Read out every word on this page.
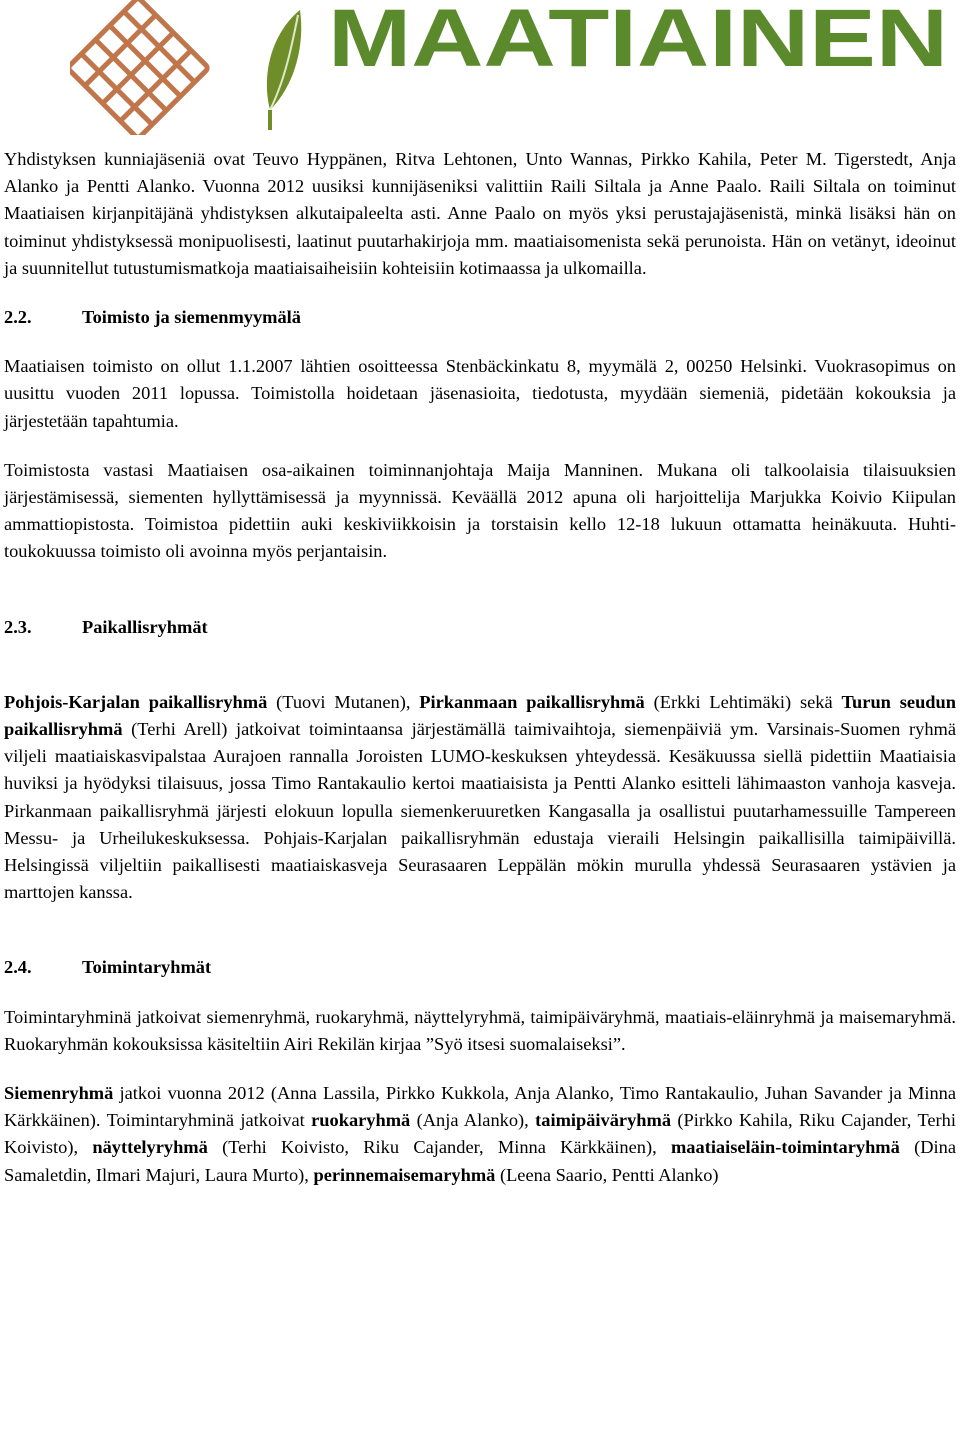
MAATIAINEN

Yhdistyksen kunniajäseniä ovat Teuvo Hyppänen, Ritva Lehtonen, Unto Wannas, Pirkko Kahila, Peter M. Tigerstedt, Anja Alanko ja Pentti Alanko. Vuonna 2012 uusiksi kunnijäseniksi valittiin Raili Siltala ja Anne Paalo. Raili Siltala on toiminut Maatiaisen kirjanpitäjänä yhdistyksen alkutaipaleelta asti. Anne Paalo on myös yksi perustajajäsenistä, minkä lisäksi hän on toiminut yhdistyksessä monipuolisesti, laatinut puutarhakirjoja mm. maatiaisomenista sekä perunoista. Hän on vetänyt, ideoinut ja suunnitellut tutustumismatkoja maatiaisaiheisiin kohteisiin kotimaassa ja ulkomailla.

2.2.	Toimisto ja siemenmyymälä

Maatiaisen toimisto on ollut 1.1.2007 lähtien osoitteessa Stenbäckinkatu 8, myymälä 2, 00250 Helsinki. Vuokrasopimus on uusittu vuoden 2011 lopussa. Toimistolla hoidetaan jäsenasioita, tiedotusta, myydään siemeniä, pidetään kokouksia ja järjestetään tapahtumia.

Toimistosta vastasi Maatiaisen osa-aikainen toiminnanjohtaja Maija Manninen. Mukana oli talkoolaisia tilaisuuksien järjestämisessä, siementen hyllyttämisessä ja myynnissä. Keväällä 2012 apuna oli harjoittelija Marjukka Koivio Kiipulan ammattiopistosta. Toimistoa pidettiin auki keskiviikkoisin ja torstaisin kello 12-18 lukuun ottamatta heinäkuuta. Huhti-toukokuussa toimisto oli avoinna myös perjantaisin.

2.3.	Paikallisryhmät

Pohjois-Karjalan paikallisryhmä (Tuovi Mutanen), Pirkanmaan paikallisryhmä (Erkki Lehtimäki) sekä Turun seudun paikallisryhmä (Terhi Arell) jatkoivat toimintaansa järjestämällä taimivaihtoja, siemenpäiviä ym. Varsinais-Suomen ryhmä viljeli maatiaiskasvipalstaa Aurajoen rannalla Joroisten LUMO-keskuksen yhteydessä. Kesäkuussa siellä pidettiin Maatiaisia huviksi ja hyödyksi tilaisuus, jossa Timo Rantakaulio kertoi maatiaisista ja Pentti Alanko esitteli lähimaaston vanhoja kasveja. Pirkanmaan paikallisryhmä järjesti elokuun lopulla siemenkeruuretken Kangasalla ja osallistui puutarhamessuille Tampereen Messu- ja Urheilukeskuksessa. Pohjais-Karjalan paikallisryhmän edustaja vieraili Helsingin paikallisilla taimipäivillä. Helsingissä viljeltiin paikallisesti maatiaiskasveja Seurasaaren Leppälän mökin murulla yhdessä Seurasaaren ystävien ja marttojen kanssa.

2.4.	Toimintaryhmät

Toimintaryhminä jatkoivat siemenryhmä, ruokaryhmä, näyttelyryhmä, taimipäiväryhmä, maatiais-eläinryhmä ja maisemaryhmä. Ruokaryhmän kokouksissa käsiteltiin Airi Rekilän kirjaa ”Syö itsesi suomalaiseksi”.

Siemenryhmä jatkoi vuonna 2012 (Anna Lassila, Pirkko Kukkola, Anja Alanko, Timo Rantakaulio, Juhan Savander ja Minna Kärkkäinen). Toimintaryhminä jatkoivat ruokaryhmä (Anja Alanko), taimipäiväryhmä (Pirkko Kahila, Riku Cajander, Terhi Koivisto), näyttelyryhmä (Terhi Koivisto, Riku Cajander, Minna Kärkkäinen), maatiaiseläin-toimintaryhmä (Dina Samaletdin, Ilmari Majuri, Laura Murto), perinnemaisemaryhmä (Leena Saario, Pentti Alanko)
